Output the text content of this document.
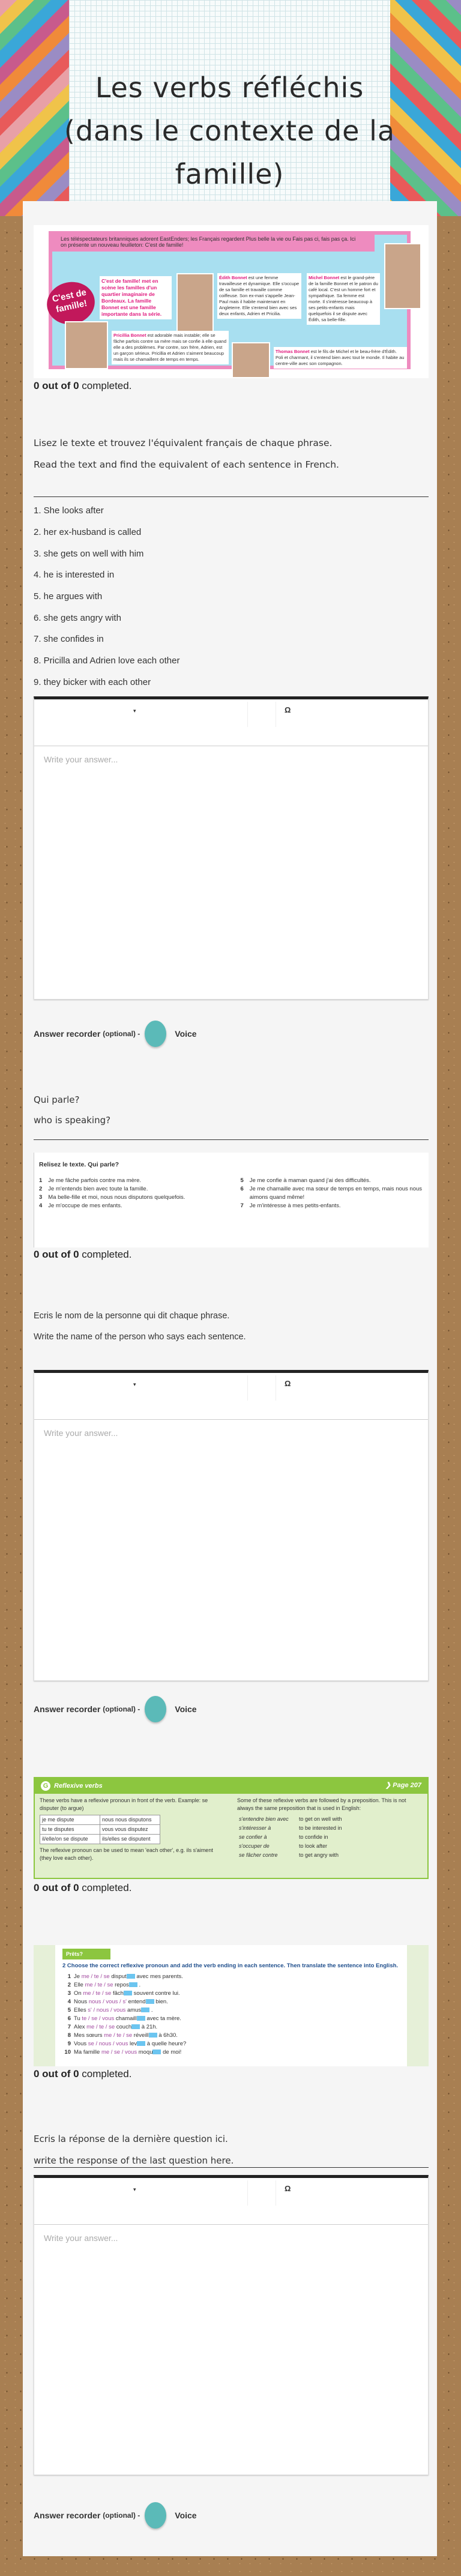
Les verbs réfléchis (dans le contexte de la famille)
Les téléspectateurs britanniques adorent EastEnders; les Français regardent Plus belle la vie ou Fais pas ci, fais pas ça. Ici on présente un nouveau feuilleton: C'est de famille!
C'est de famille!
C'est de famille! met en scène les familles d'un quartier imaginaire de Bordeaux. La famille Bonnet est une famille importante dans la série.
Édith Bonnet est une femme travailleuse et dynamique. Elle s'occupe de sa famille et travaille comme coiffeuse. Son ex-mari s'appelle Jean-Paul mais il habite maintenant en Angleterre. Elle s'entend bien avec ses deux enfants, Adrien et Pricilia.
Michel Bonnet est le grand-père de la famille Bonnet et le patron du café local. C'est un homme fort et sympathique. Sa femme est morte. Il s'intéresse beaucoup à ses petits-enfants mais quelquefois il se dispute avec Édith, sa belle-fille.
Pricillia Bonnet est adorable mais instable; elle se fâche parfois contre sa mère mais se confie à elle quand elle a des problèmes. Par contre, son frère, Adrien, est un garçon sérieux. Pricillia et Adrien s'aiment beaucoup mais ils se chamaillent de temps en temps.
Thomas Bonnet est le fils de Michel et le beau-frère d'Édith. Poli et charmant, il s'entend bien avec tout le monde. Il habite au centre-ville avec son compagnon.
0 out of 0 completed.
Lisez le texte et trouvez l'équivalent français de chaque phrase.
Read the text and find the equivalent of each sentence in French.
1. She looks after
2. her ex-husband is called
3. she gets on well with him
4. he is interested in
5. he argues with
6. she gets angry with
7. she confides in
8. Pricilla and Adrien love each other
9. they bicker with each other
▾	Ω
Write your answer...
Answer recorder (optional) -	Voice
Qui parle?
who is speaking?
Relisez le texte. Qui parle?
1 Je me fâche parfois contre ma mère.
2 Je m'entends bien avec toute la famille.
3 Ma belle-fille et moi, nous nous disputons quelquefois.
4 Je m'occupe de mes enfants.
5 Je me confie à maman quand j'ai des difficultés.
6 Je me chamaille avec ma sœur de temps en temps, mais nous nous aimons quand même!
7 Je m'intéresse à mes petits-enfants.
0 out of 0 completed.
Ecris le nom de la personne qui dit chaque phrase.
Write the name of the person who says each sentence.
▾	Ω
Write your answer...
Answer recorder (optional) -	Voice
G Reflexive verbs	❯ Page 207
These verbs have a reflexive pronoun in front of the verb. Example: se disputer (to argue)
je me dispute	nous nous disputons
tu te disputes	vous vous disputez
il/elle/on se dispute	ils/elles se disputent
The reflexive pronoun can be used to mean 'each other', e.g. ils s'aiment (they love each other).
Some of these reflexive verbs are followed by a preposition. This is not always the same preposition that is used in English:
s'entendre bien avec	to get on well with
s'intéresser à	to be interested in
se confier à	to confide in
s'occuper de	to look after
se fâcher contre	to get angry with
0 out of 0 completed.
Prêts?
2 Choose the correct reflexive pronoun and add the verb ending in each sentence. Then translate the sentence into English.
1 Je me / te / se disput avec mes parents.
2 Elle me / te / se repos .
3 On me / te / se fâch souvent contre lui.
4 Nous nous / vous / s' entend bien.
5 Elles s' / nous / vous amus .
6 Tu te / se / vous chamaill avec ta mère.
7 Alex me / te / se couch à 21h.
8 Mes sœurs me / te / se réveill à 6h30.
9 Vous se / nous / vous lev à quelle heure?
10 Ma famille me / se / vous moqu de moi!
0 out of 0 completed.
Ecris la réponse de la dernière question ici.
write the response of the last question here.
▾	Ω
Write your answer...
Answer recorder (optional) -	Voice
